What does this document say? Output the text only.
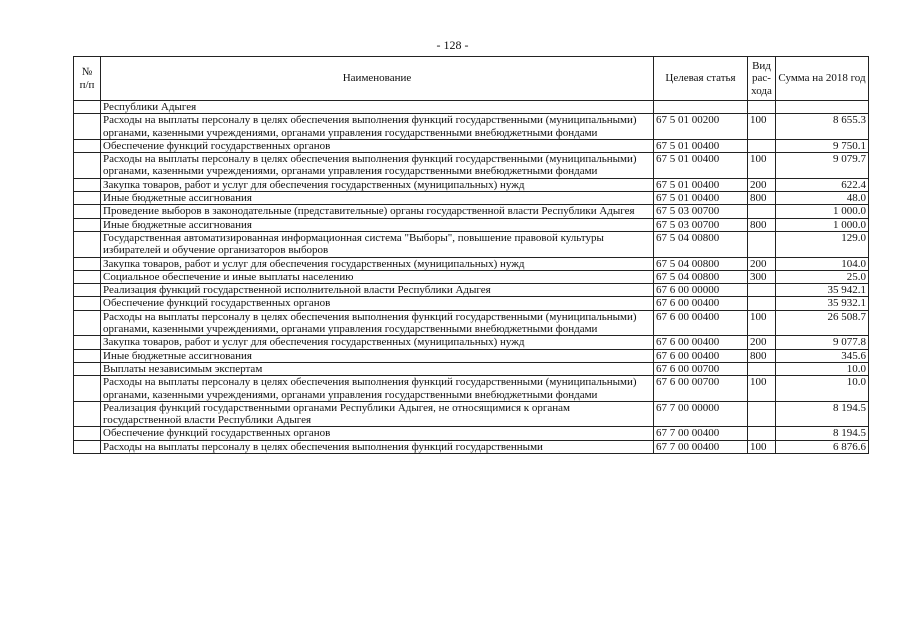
- 128 -
№ п/п	Наименование	Целевая статья	Вид рас-хода	Сумма на 2018 год
	Республики Адыгея			
	Расходы на выплаты персоналу в целях обеспечения выполнения функций государственными (муниципальными) органами, казенными учреждениями, органами управления государственными внебюджетными фондами	67 5 01 00200	100	8 655.3
	Обеспечение функций государственных органов	67 5 01 00400		9 750.1
	Расходы на выплаты персоналу в целях обеспечения выполнения функций государственными (муниципальными) органами, казенными учреждениями, органами управления государственными внебюджетными фондами	67 5 01 00400	100	9 079.7
	Закупка товаров, работ и услуг для обеспечения государственных (муниципальных) нужд	67 5 01 00400	200	622.4
	Иные бюджетные ассигнования	67 5 01 00400	800	48.0
	Проведение выборов в законодательные (представительные) органы государственной власти Республики Адыгея	67 5 03 00700		1 000.0
	Иные бюджетные ассигнования	67 5 03 00700	800	1 000.0
	Государственная автоматизированная информационная система "Выборы", повышение правовой культуры избирателей и обучение организаторов выборов	67 5 04 00800		129.0
	Закупка товаров, работ и услуг для обеспечения государственных (муниципальных) нужд	67 5 04 00800	200	104.0
	Социальное обеспечение и иные выплаты населению	67 5 04 00800	300	25.0
	Реализация функций государственной исполнительной власти Республики Адыгея	67 6 00 00000		35 942.1
	Обеспечение функций государственных органов	67 6 00 00400		35 932.1
	Расходы на выплаты персоналу в целях обеспечения выполнения функций государственными (муниципальными) органами, казенными учреждениями, органами управления государственными внебюджетными фондами	67 6 00 00400	100	26 508.7
	Закупка товаров, работ и услуг для обеспечения государственных (муниципальных) нужд	67 6 00 00400	200	9 077.8
	Иные бюджетные ассигнования	67 6 00 00400	800	345.6
	Выплаты независимым экспертам	67 6 00 00700		10.0
	Расходы на выплаты персоналу в целях обеспечения выполнения функций государственными (муниципальными) органами, казенными учреждениями, органами управления государственными внебюджетными фондами	67 6 00 00700	100	10.0
	Реализация функций государственными органами Республики Адыгея, не относящимися к органам государственной власти Республики Адыгея	67 7 00 00000		8 194.5
	Обеспечение функций государственных органов	67 7 00 00400		8 194.5
	Расходы на выплаты персоналу в целях обеспечения выполнения функций государственными	67 7 00 00400	100	6 876.6
